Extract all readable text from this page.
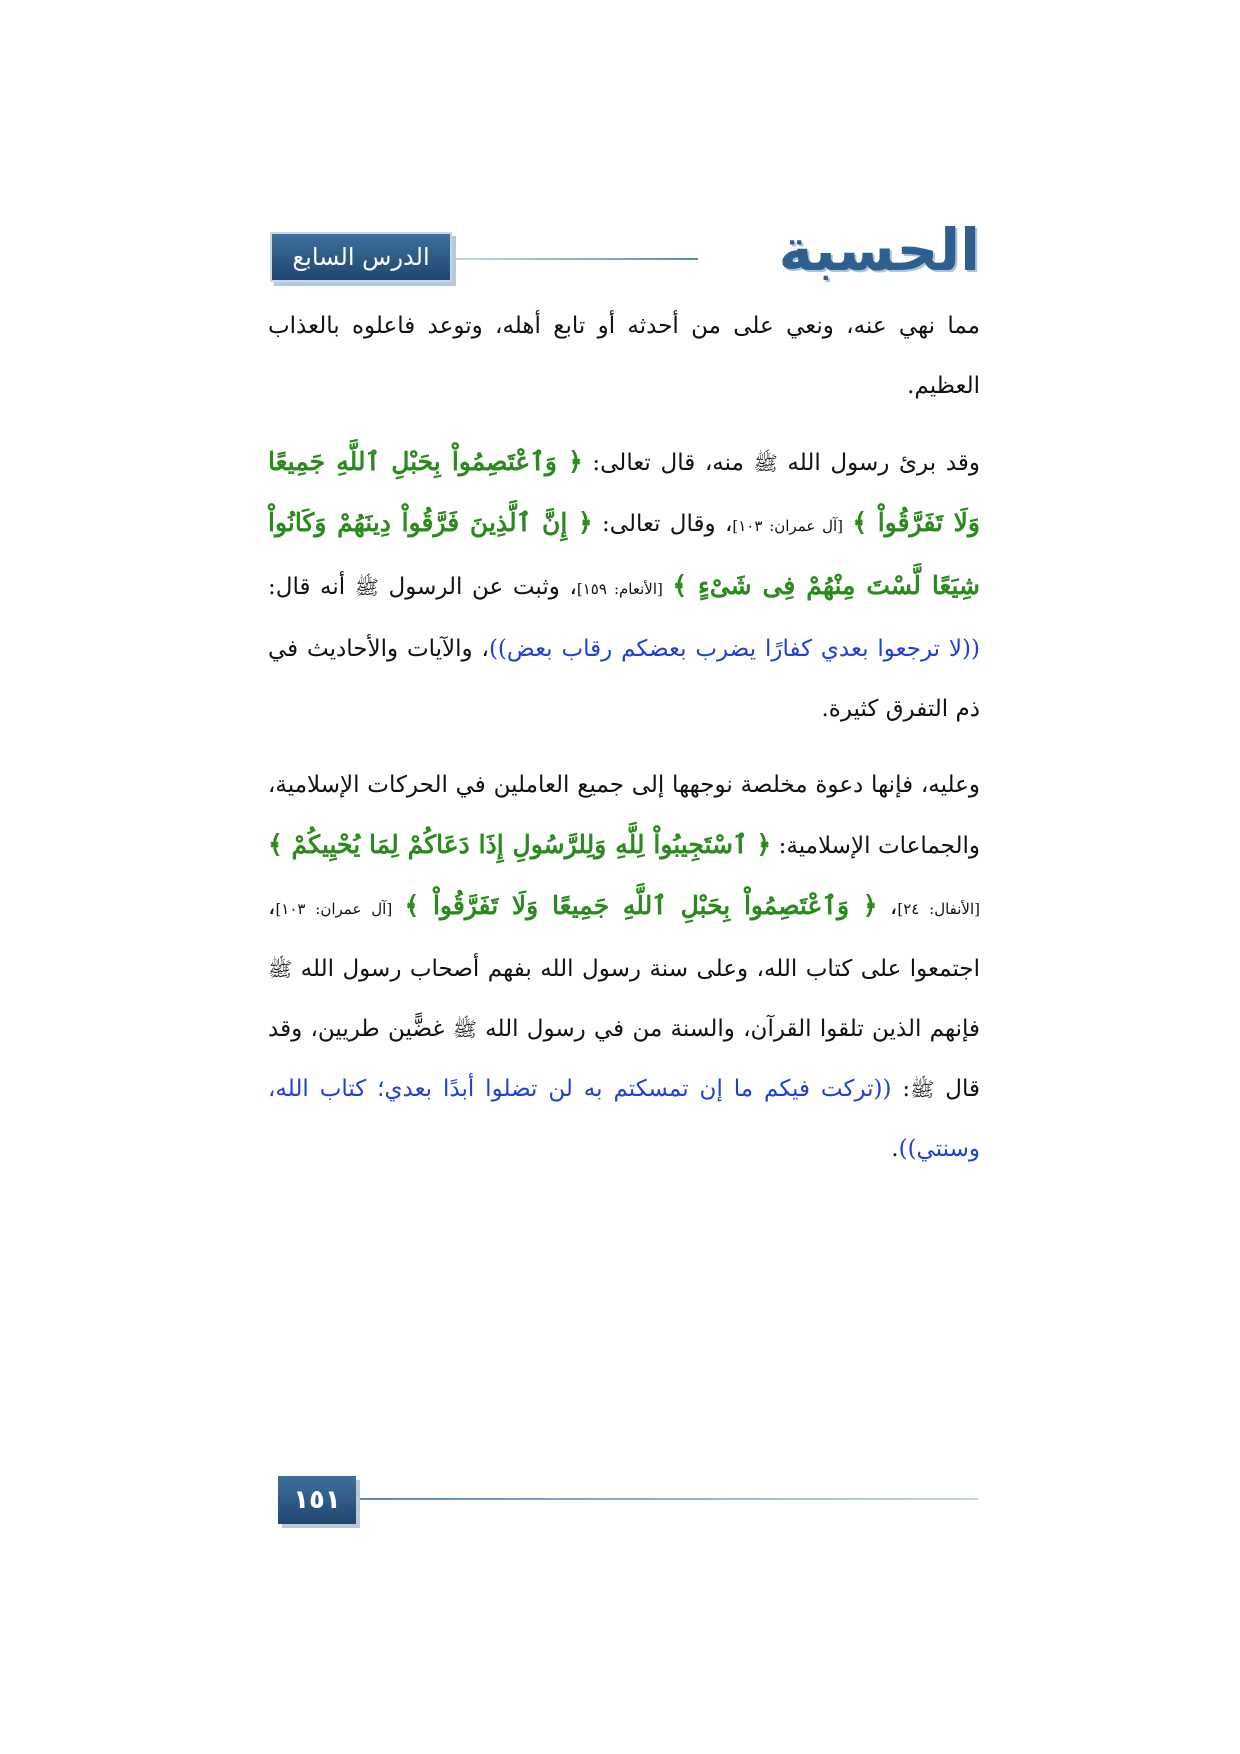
الحسبة
الدرس السابع

مما نهي عنه، ونعي على من أحدثه أو تابع أهله، وتوعد فاعلوه بالعذاب العظيم.

وقد برئ رسول الله ﷺ منه، قال تعالى: ﴿ وَٱعْتَصِمُواْ بِحَبْلِ ٱللَّهِ جَمِيعًا وَلَا تَفَرَّقُواْ ﴾ [آل عمران: ١٠٣]، وقال تعالى: ﴿ إِنَّ ٱلَّذِينَ فَرَّقُواْ دِينَهُمْ وَكَانُواْ شِيَعًا لَّسْتَ مِنْهُمْ فِى شَىْءٍ ﴾ [الأنعام: ١٥٩]، وثبت عن الرسول ﷺ أنه قال: ((لا ترجعوا بعدي كفارًا يضرب بعضكم رقاب بعض))، والآيات والأحاديث في ذم التفرق كثيرة.

وعليه، فإنها دعوة مخلصة نوجهها إلى جميع العاملين في الحركات الإسلامية، والجماعات الإسلامية: ﴿ ٱسْتَجِيبُواْ لِلَّهِ وَلِلرَّسُولِ إِذَا دَعَاكُمْ لِمَا يُحْيِيكُمْ ﴾ [الأنفال: ٢٤]، ﴿ وَٱعْتَصِمُواْ بِحَبْلِ ٱللَّهِ جَمِيعًا وَلَا تَفَرَّقُواْ ﴾ [آل عمران: ١٠٣]، اجتمعوا على كتاب الله، وعلى سنة رسول الله بفهم أصحاب رسول الله ﷺ فإنهم الذين تلقوا القرآن، والسنة من في رسول الله ﷺ غضًّين طريين، وقد قال ﷺ: ((تركت فيكم ما إن تمسكتم به لن تضلوا أبدًا بعدي؛ كتاب الله، وسنتي)).

١٥١
